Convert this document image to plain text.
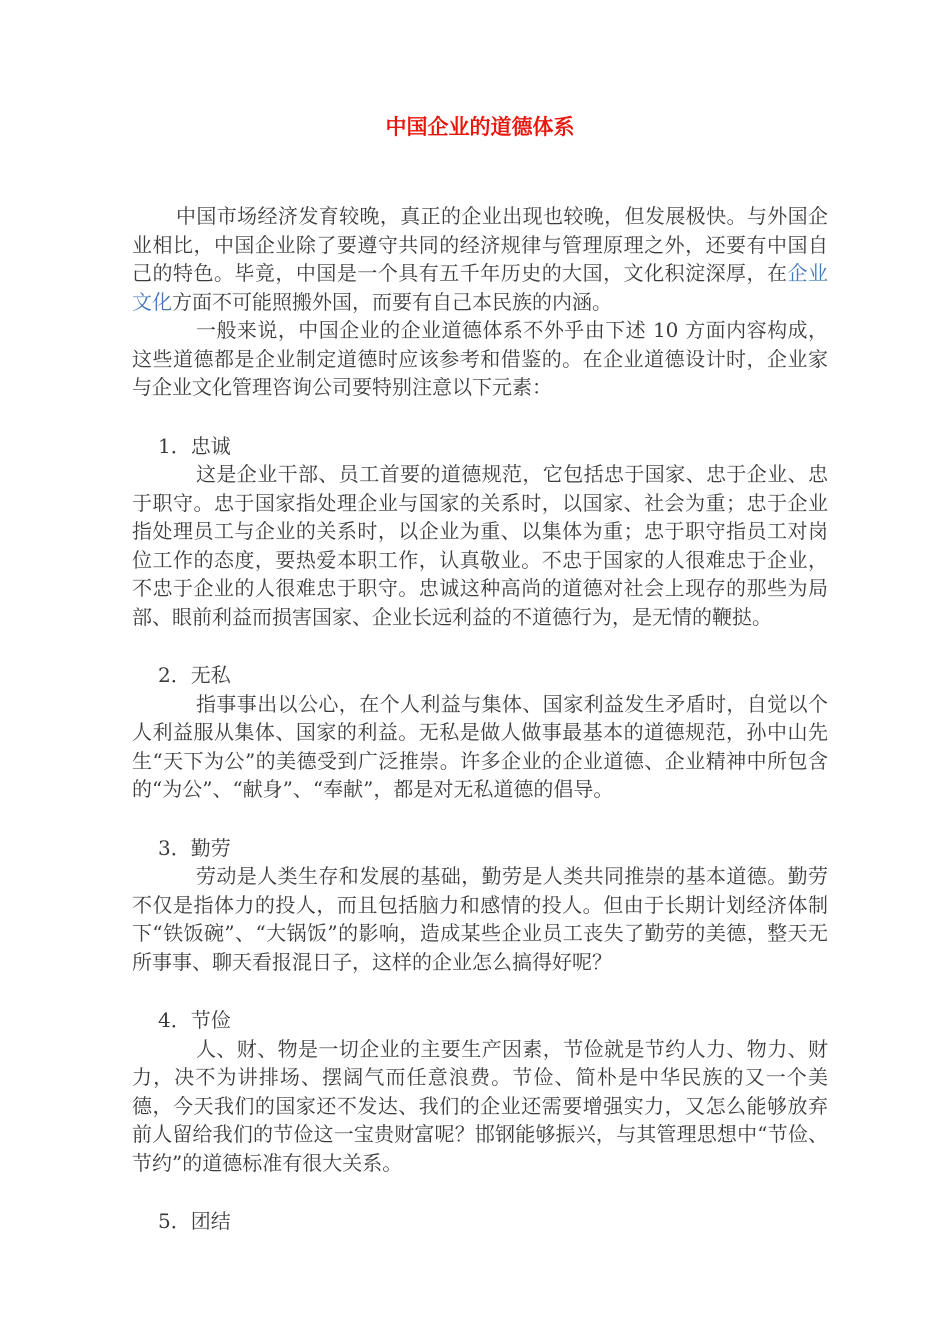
中国企业的道德体系

中国市场经济发育较晚，真正的企业出现也较晚，但发展极快。与外国企业相比，中国企业除了要遵守共同的经济规律与管理原理之外，还要有中国自己的特色。毕竟，中国是一个具有五千年历史的大国，文化积淀深厚，在企业文化方面不可能照搬外国，而要有自己本民族的内涵。

一般来说，中国企业的企业道德体系不外乎由下述 10 方面内容构成，这些道德都是企业制定道德时应该参考和借鉴的。在企业道德设计时，企业家与企业文化管理咨询公司要特别注意以下元素：

1．忠诚

这是企业干部、员工首要的道德规范，它包括忠于国家、忠于企业、忠于职守。忠于国家指处理企业与国家的关系时，以国家、社会为重；忠于企业指处理员工与企业的关系时，以企业为重、以集体为重；忠于职守指员工对岗位工作的态度，要热爱本职工作，认真敬业。不忠于国家的人很难忠于企业，不忠于企业的人很难忠于职守。忠诚这种高尚的道德对社会上现存的那些为局部、眼前利益而损害国家、企业长远利益的不道德行为，是无情的鞭挞。

2．无私

指事事出以公心，在个人利益与集体、国家利益发生矛盾时，自觉以个人利益服从集体、国家的利益。无私是做人做事最基本的道德规范，孙中山先生“天下为公”的美德受到广泛推崇。许多企业的企业道德、企业精神中所包含的“为公”、“献身”、“奉献”，都是对无私道德的倡导。

3．勤劳

劳动是人类生存和发展的基础，勤劳是人类共同推崇的基本道德。勤劳不仅是指体力的投人，而且包括脑力和感情的投人。但由于长期计划经济体制下“铁饭碗”、“大锅饭”的影响，造成某些企业员工丧失了勤劳的美德，整天无所事事、聊天看报混日子，这样的企业怎么搞得好呢？

4．节俭

人、财、物是一切企业的主要生产因素，节俭就是节约人力、物力、财力，决不为讲排场、摆阔气而任意浪费。节俭、简朴是中华民族的又一个美德，今天我们的国家还不发达、我们的企业还需要增强实力，又怎么能够放弃前人留给我们的节俭这一宝贵财富呢？邯钢能够振兴，与其管理思想中“节俭、节约”的道德标准有很大关系。

5．团结
